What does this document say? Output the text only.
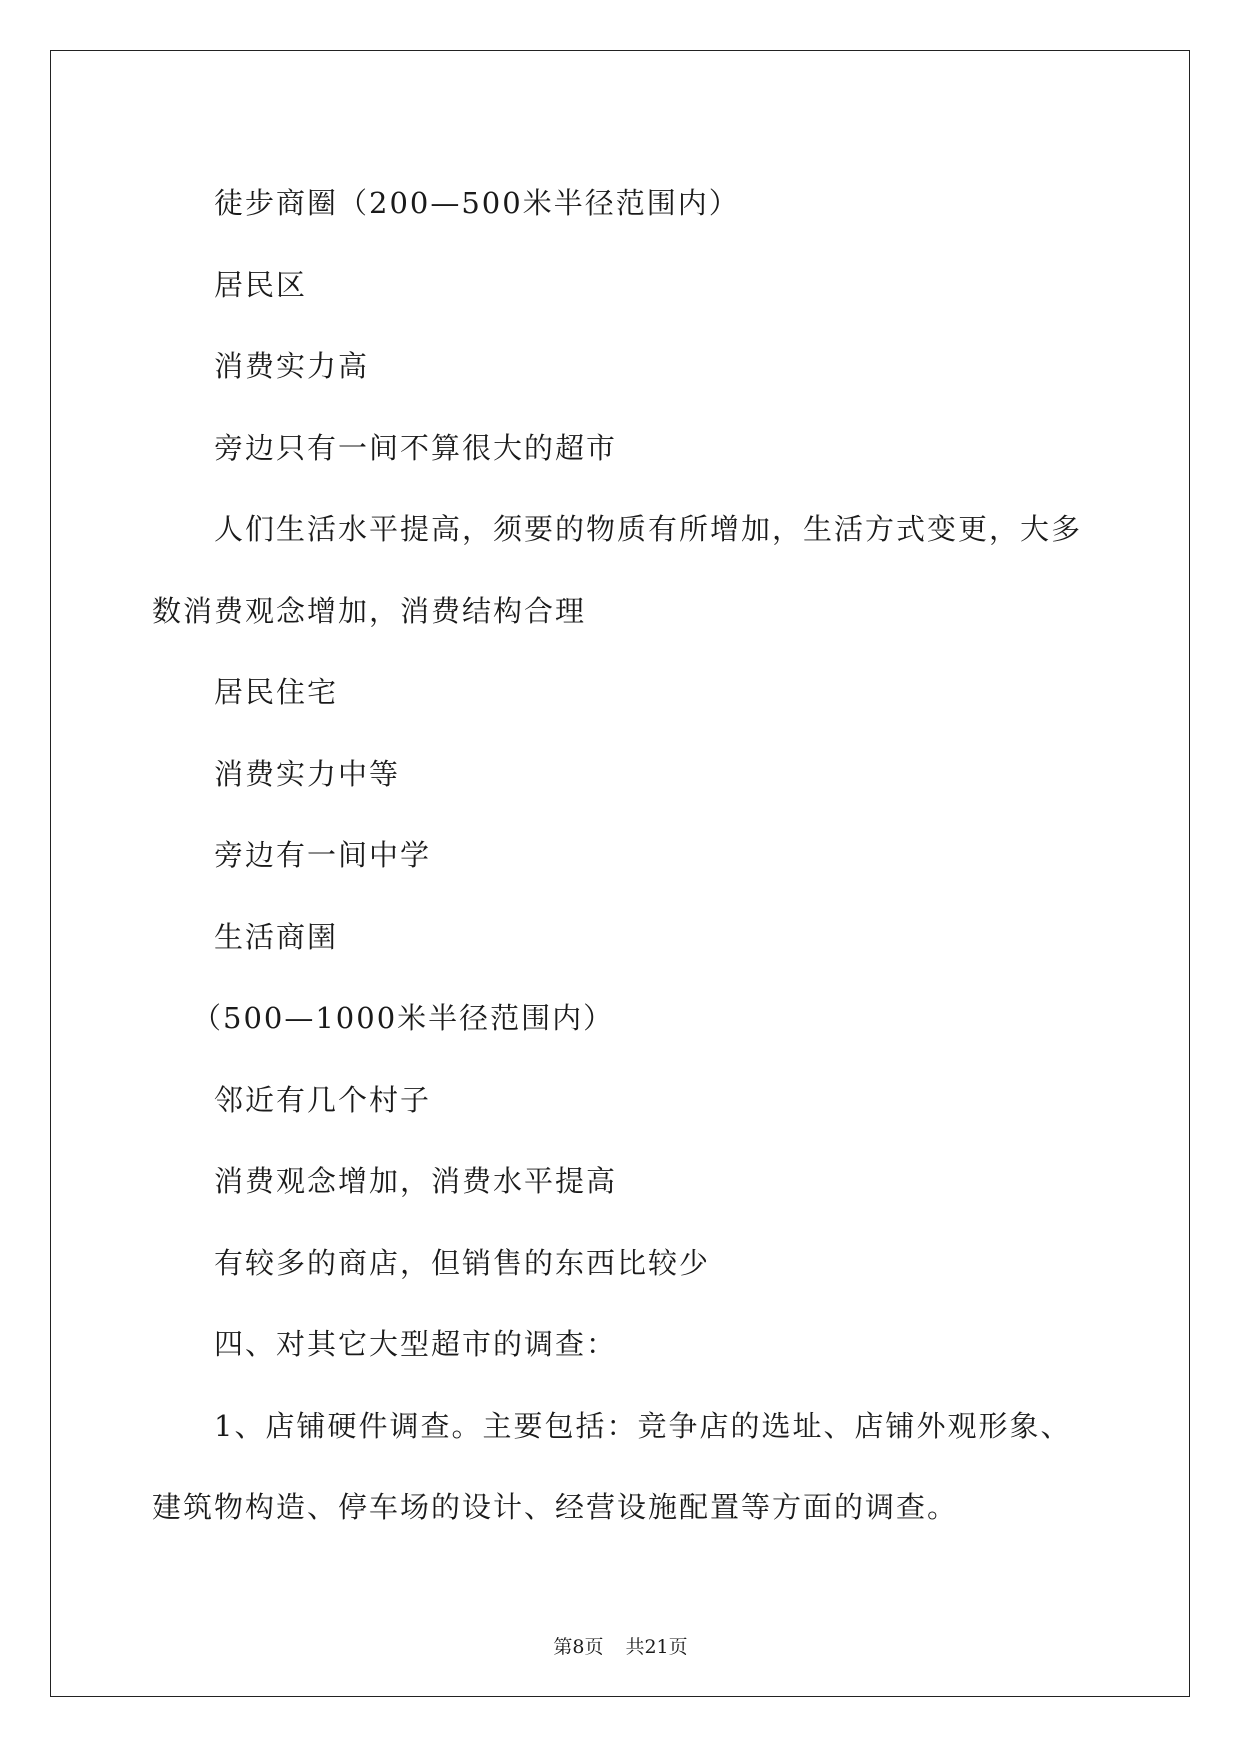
徒步商圈（200—500米半径范围内）

居民区

消费实力高

旁边只有一间不算很大的超市

人们生活水平提高，须要的物质有所增加，生活方式变更，大多数消费观念增加，消费结构合理

居民住宅

消费实力中等

旁边有一间中学

生活商圉

（500—1000米半径范围内）

邻近有几个村子

消费观念增加，消费水平提高

有较多的商店，但销售的东西比较少

四、对其它大型超市的调查：

1、店铺硬件调查。主要包括：竞争店的选址、店铺外观形象、建筑物构造、停车场的设计、经营设施配置等方面的调查。

第8页 共21页
